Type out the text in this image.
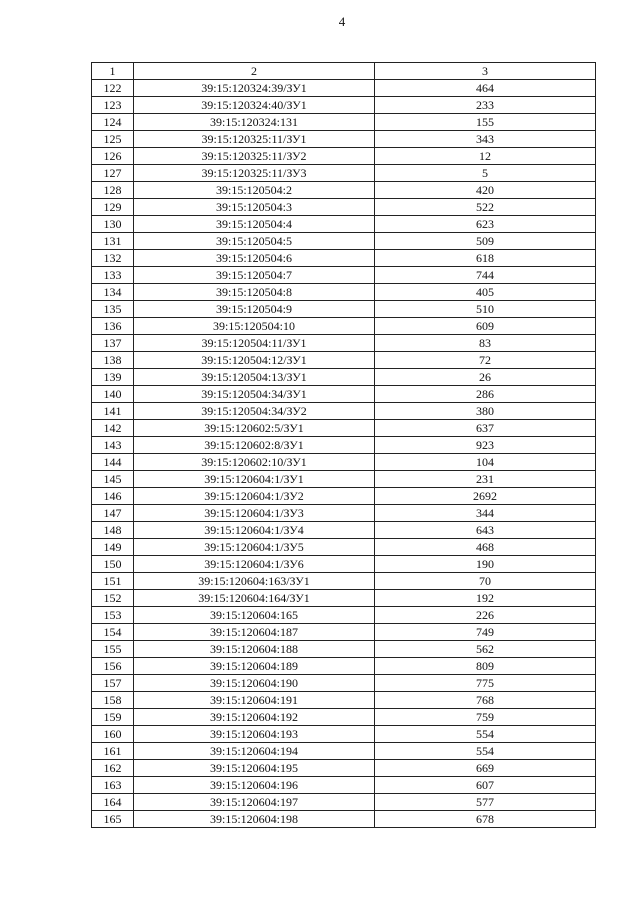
4
1	2	3
122	39:15:120324:39/ЗУ1	464
123	39:15:120324:40/ЗУ1	233
124	39:15:120324:131	155
125	39:15:120325:11/ЗУ1	343
126	39:15:120325:11/ЗУ2	12
127	39:15:120325:11/ЗУ3	5
128	39:15:120504:2	420
129	39:15:120504:3	522
130	39:15:120504:4	623
131	39:15:120504:5	509
132	39:15:120504:6	618
133	39:15:120504:7	744
134	39:15:120504:8	405
135	39:15:120504:9	510
136	39:15:120504:10	609
137	39:15:120504:11/ЗУ1	83
138	39:15:120504:12/ЗУ1	72
139	39:15:120504:13/ЗУ1	26
140	39:15:120504:34/ЗУ1	286
141	39:15:120504:34/ЗУ2	380
142	39:15:120602:5/ЗУ1	637
143	39:15:120602:8/ЗУ1	923
144	39:15:120602:10/ЗУ1	104
145	39:15:120604:1/ЗУ1	231
146	39:15:120604:1/ЗУ2	2692
147	39:15:120604:1/ЗУ3	344
148	39:15:120604:1/ЗУ4	643
149	39:15:120604:1/ЗУ5	468
150	39:15:120604:1/ЗУ6	190
151	39:15:120604:163/ЗУ1	70
152	39:15:120604:164/ЗУ1	192
153	39:15:120604:165	226
154	39:15:120604:187	749
155	39:15:120604:188	562
156	39:15:120604:189	809
157	39:15:120604:190	775
158	39:15:120604:191	768
159	39:15:120604:192	759
160	39:15:120604:193	554
161	39:15:120604:194	554
162	39:15:120604:195	669
163	39:15:120604:196	607
164	39:15:120604:197	577
165	39:15:120604:198	678
